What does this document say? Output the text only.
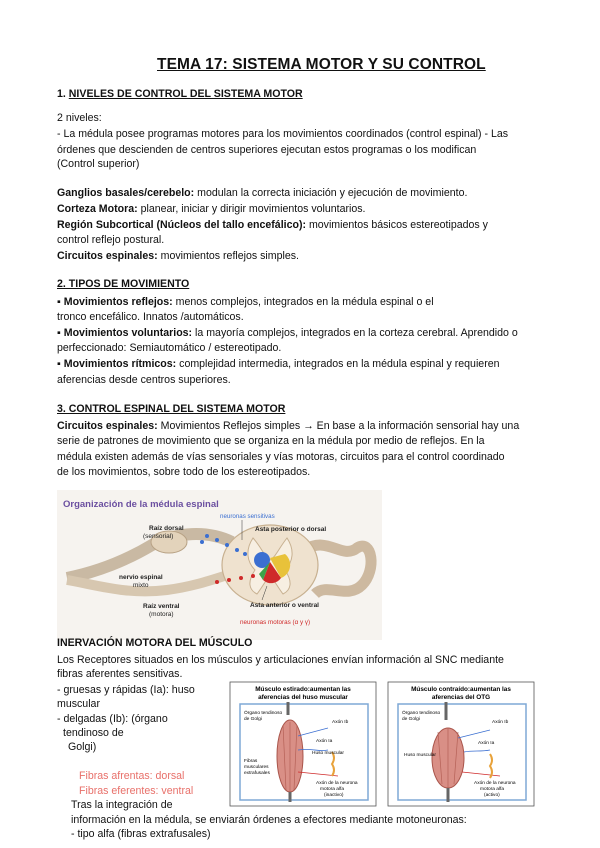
TEMA 17: SISTEMA MOTOR Y SU CONTROL
1. NIVELES DE CONTROL DEL SISTEMA MOTOR
2 niveles:
- La médula posee programas motores para los movimientos coordinados (control espinal) - Las
órdenes que descienden de centros superiores ejecutan estos programas o los modifican
(Control superior)
Ganglios basales/cerebelo: modulan la correcta iniciación y ejecución de movimiento.
Corteza Motora: planear, iniciar y dirigir movimientos voluntarios.
Región Subcortical (Núcleos del tallo encefálico): movimientos básicos estereotipados y
control reflejo postural.
Circuitos espinales: movimientos reflejos simples.
2. TIPOS DE MOVIMIENTO
▪ Movimientos reflejos: menos complejos, integrados en la médula espinal o el
tronco encefálico. Innatos /automáticos.
▪ Movimientos voluntarios: la mayoría complejos, integrados en la corteza cerebral. Aprendido o
perfeccionado: Semiautomático / estereotipado.
▪ Movimientos rítmicos: complejidad intermedia, integrados en la médula espinal y requieren
aferencias desde centros superiores.
3. CONTROL ESPINAL DEL SISTEMA MOTOR
Circuitos espinales: Movimientos Reflejos simples → En base a la información sensorial hay una
serie de patrones de movimiento que se organiza en la médula por medio de reflejos. En la
médula existen además de vías sensoriales y vías motoras, circuitos para el control coordinado
de los movimientos, sobre todo de los estereotipados.
Organización de la médula espinal
neuronas sensitivas
Raíz dorsal
(sensorial)
Asta posterior o dorsal
nervio espinal
mixto
Raíz ventral
(motora)
Asta anterior o ventral
neuronas motoras (α y γ)
INERVACIÓN MOTORA DEL MÚSCULO
Los Receptores situados en los músculos y articulaciones envían información al SNC mediante
fibras aferentes sensitivas.
- gruesas y rápidas (Ia): huso
muscular
- delgadas (Ib): (órgano
tendinoso de
Golgi)
Fibras afrentas: dorsal
Fibras eferentes: ventral
Tras la integración de
información en la médula, se enviarán órdenes a efectores mediante motoneuronas:
- tipo alfa (fibras extrafusales)
Músculo estirado:aumentan las
aferencias del huso muscular
Órgano tendinoso
de Golgi
Axón Ib
Axón Ia
Huso muscular
Fibras
musculares
extrafusales
Axón de la neurona
motora alfa
(inactivo)
Músculo contraído:aumentan las
aferencias del OTG
Órgano tendinoso
de Golgi
Axón Ib
Axón Ia
Huso muscular
Axón de la neurona
motora alfa
(activo)
